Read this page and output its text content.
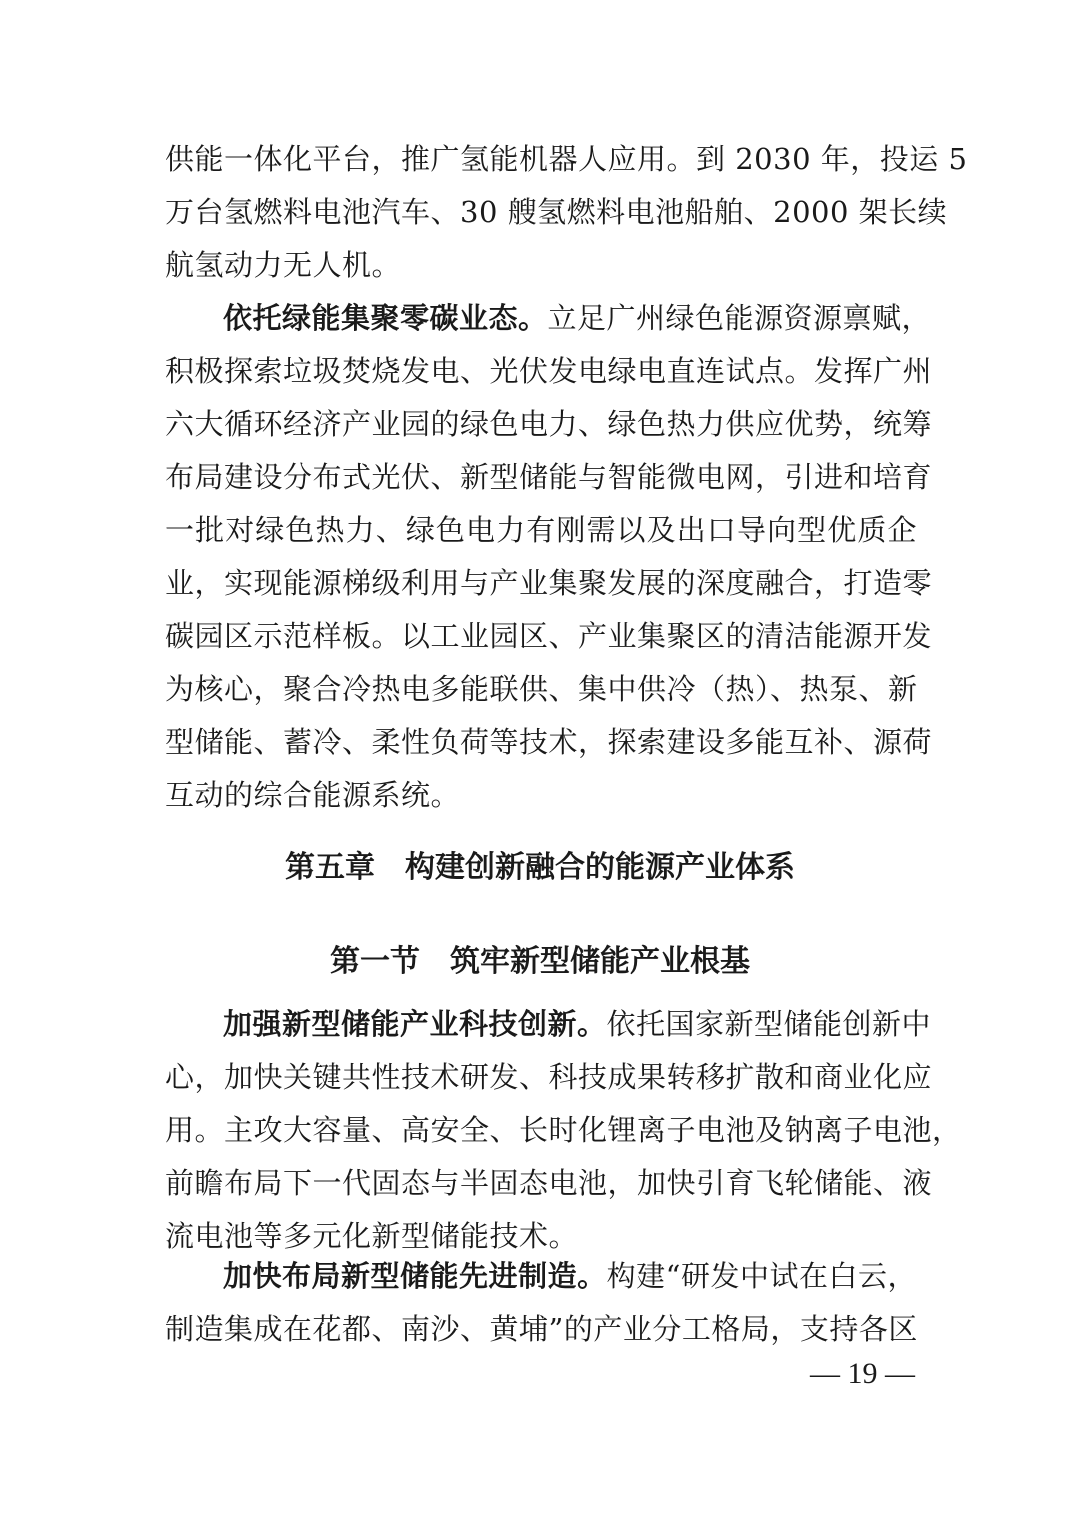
供能一体化平台，推广氢能机器人应用。到 2030 年，投运 5
万台氢燃料电池汽车、30 艘氢燃料电池船舶、2000 架长续
航氢动力无人机。
依托绿能集聚零碳业态。立足广州绿色能源资源禀赋，
积极探索垃圾焚烧发电、光伏发电绿电直连试点。发挥广州
六大循环经济产业园的绿色电力、绿色热力供应优势，统筹
布局建设分布式光伏、新型储能与智能微电网，引进和培育
一批对绿色热力、绿色电力有刚需以及出口导向型优质企
业，实现能源梯级利用与产业集聚发展的深度融合，打造零
碳园区示范样板。以工业园区、产业集聚区的清洁能源开发
为核心，聚合冷热电多能联供、集中供冷（热）、热泵、新
型储能、蓄冷、柔性负荷等技术，探索建设多能互补、源荷
互动的综合能源系统。
第五章　构建创新融合的能源产业体系
第一节　筑牢新型储能产业根基
加强新型储能产业科技创新。依托国家新型储能创新中
心，加快关键共性技术研发、科技成果转移扩散和商业化应
用。主攻大容量、高安全、长时化锂离子电池及钠离子电池，
前瞻布局下一代固态与半固态电池，加快引育飞轮储能、液
流电池等多元化新型储能技术。
加快布局新型储能先进制造。构建“研发中试在白云，
制造集成在花都、南沙、黄埔”的产业分工格局，支持各区
— 19 —
